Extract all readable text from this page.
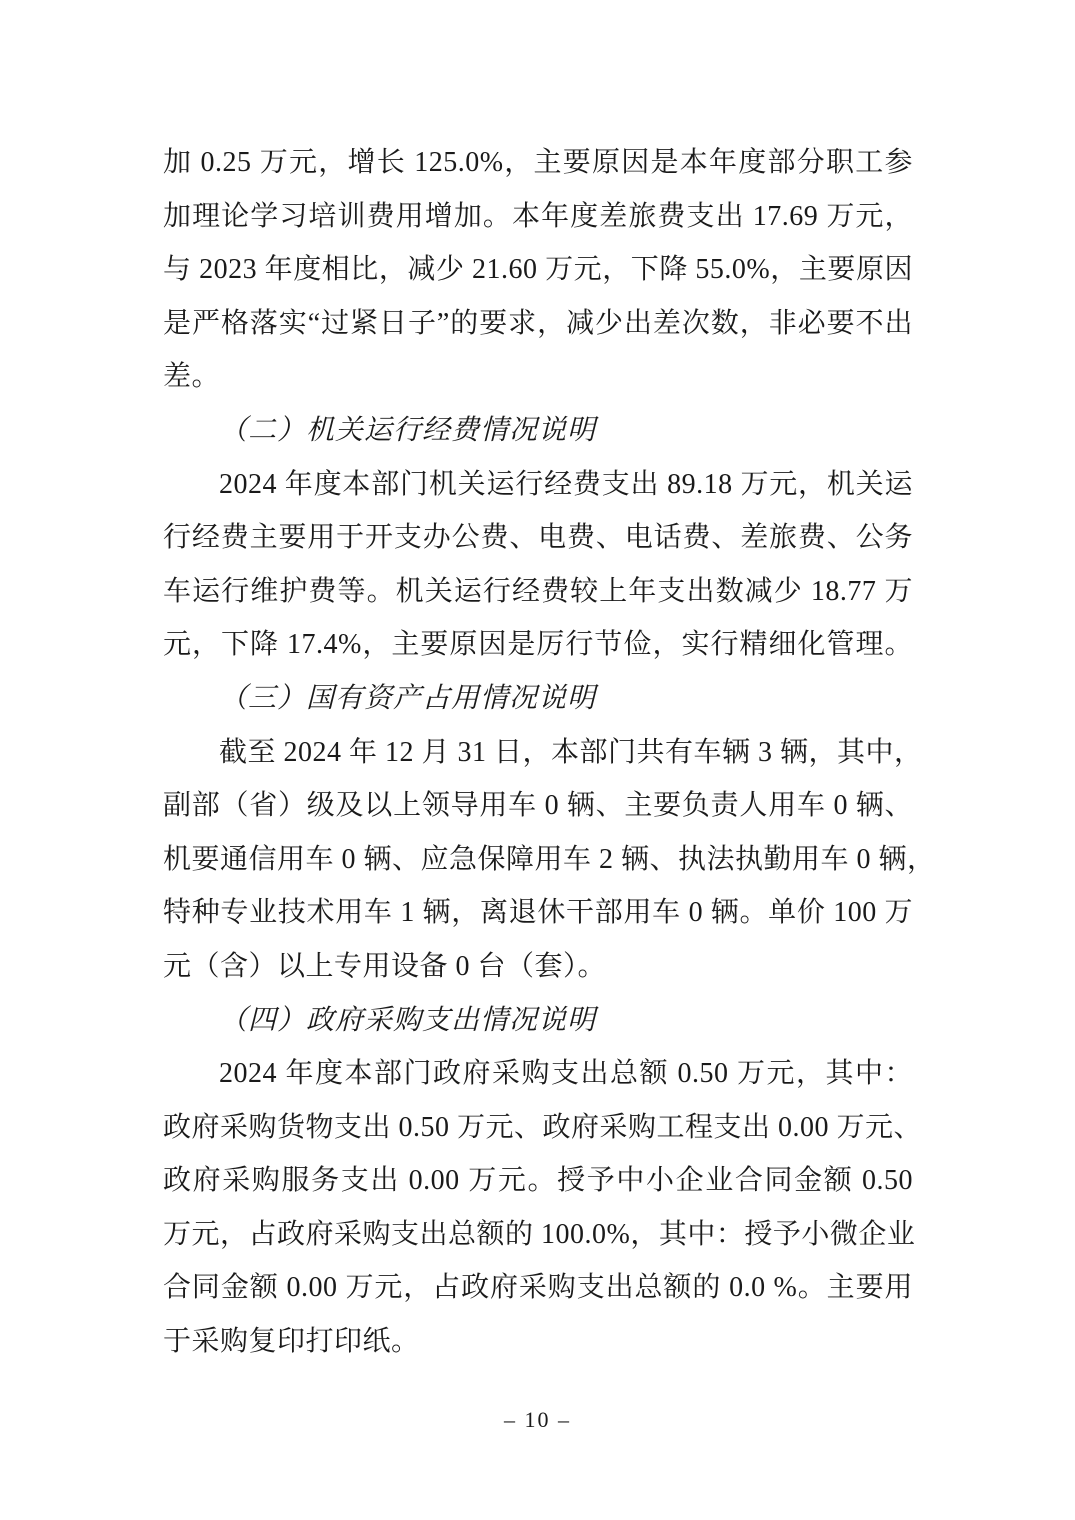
加 0.25 万元，增长 125.0%，主要原因是本年度部分职工参
加理论学习培训费用增加。本年度差旅费支出 17.69 万元，
与 2023 年度相比，减少 21.60 万元，下降 55.0%，主要原因
是严格落实“过紧日子”的要求，减少出差次数，非必要不出
差。
（二）机关运行经费情况说明
2024 年度本部门机关运行经费支出 89.18 万元，机关运
行经费主要用于开支办公费、电费、电话费、差旅费、公务
车运行维护费等。机关运行经费较上年支出数减少 18.77 万
元，下降 17.4%，主要原因是厉行节俭，实行精细化管理。
（三）国有资产占用情况说明
截至 2024 年 12 月 31 日，本部门共有车辆 3 辆，其中，
副部（省）级及以上领导用车 0 辆、主要负责人用车 0 辆、
机要通信用车 0 辆、应急保障用车 2 辆、执法执勤用车 0 辆，
特种专业技术用车 1 辆，离退休干部用车 0 辆。单价 100 万
元（含）以上专用设备 0 台（套）。
（四）政府采购支出情况说明
2024 年度本部门政府采购支出总额 0.50 万元，其中：
政府采购货物支出 0.50 万元、政府采购工程支出 0.00 万元、
政府采购服务支出 0.00 万元。授予中小企业合同金额 0.50
万元，占政府采购支出总额的 100.0%，其中：授予小微企业
合同金额 0.00 万元，占政府采购支出总额的 0.0 %。主要用
于采购复印打印纸。
– 10 –
